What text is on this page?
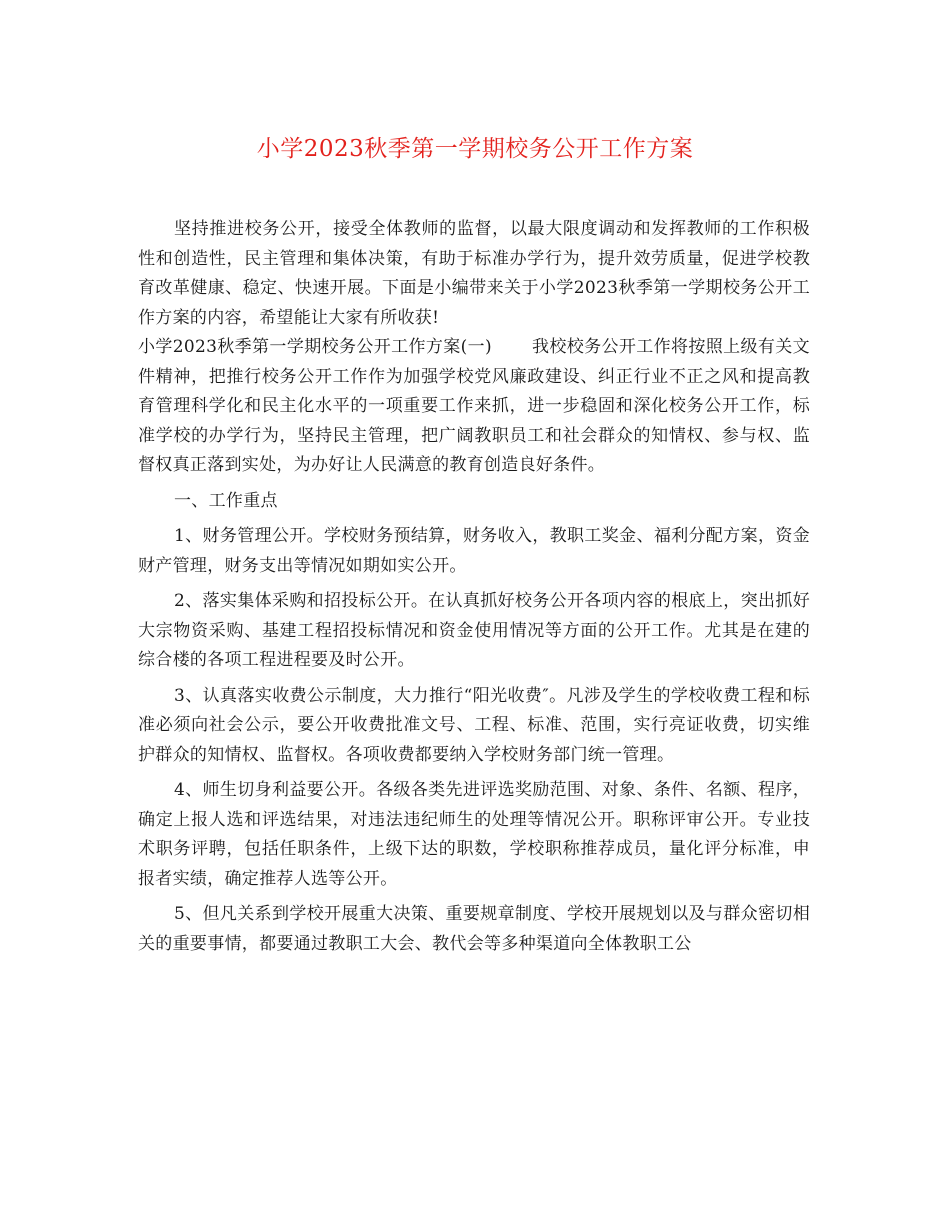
小学2023秋季第一学期校务公开工作方案

坚持推进校务公开，接受全体教师的监督，以最大限度调动和发挥教师的工作积极性和创造性，民主管理和集体决策，有助于标准办学行为，提升效劳质量，促进学校教育改革健康、稳定、快速开展。下面是小编带来关于小学2023秋季第一学期校务公开工作方案的内容，希望能让大家有所收获!

小学2023秋季第一学期校务公开工作方案(一) 我校校务公开工作将按照上级有关文件精神，把推行校务公开工作作为加强学校党风廉政建设、纠正行业不正之风和提高教育管理科学化和民主化水平的一项重要工作来抓，进一步稳固和深化校务公开工作，标准学校的办学行为，坚持民主管理，把广阔教职员工和社会群众的知情权、参与权、监督权真正落到实处，为办好让人民满意的教育创造良好条件。

一、工作重点

1、财务管理公开。学校财务预结算，财务收入，教职工奖金、福利分配方案，资金财产管理，财务支出等情况如期如实公开。

2、落实集体采购和招投标公开。在认真抓好校务公开各项内容的根底上，突出抓好大宗物资采购、基建工程招投标情况和资金使用情况等方面的公开工作。尤其是在建的综合楼的各项工程进程要及时公开。

3、认真落实收费公示制度，大力推行“阳光收费″。凡涉及学生的学校收费工程和标准必须向社会公示，要公开收费批准文号、工程、标准、范围，实行亮证收费，切实维护群众的知情权、监督权。各项收费都要纳入学校财务部门统一管理。

4、师生切身利益要公开。各级各类先进评选奖励范围、对象、条件、名额、程序，确定上报人选和评选结果，对违法违纪师生的处理等情况公开。职称评审公开。专业技术职务评聘，包括任职条件，上级下达的职数，学校职称推荐成员，量化评分标准，申报者实绩，确定推荐人选等公开。

5、但凡关系到学校开展重大决策、重要规章制度、学校开展规划以及与群众密切相关的重要事情，都要通过教职工大会、教代会等多种渠道向全体教职工公
